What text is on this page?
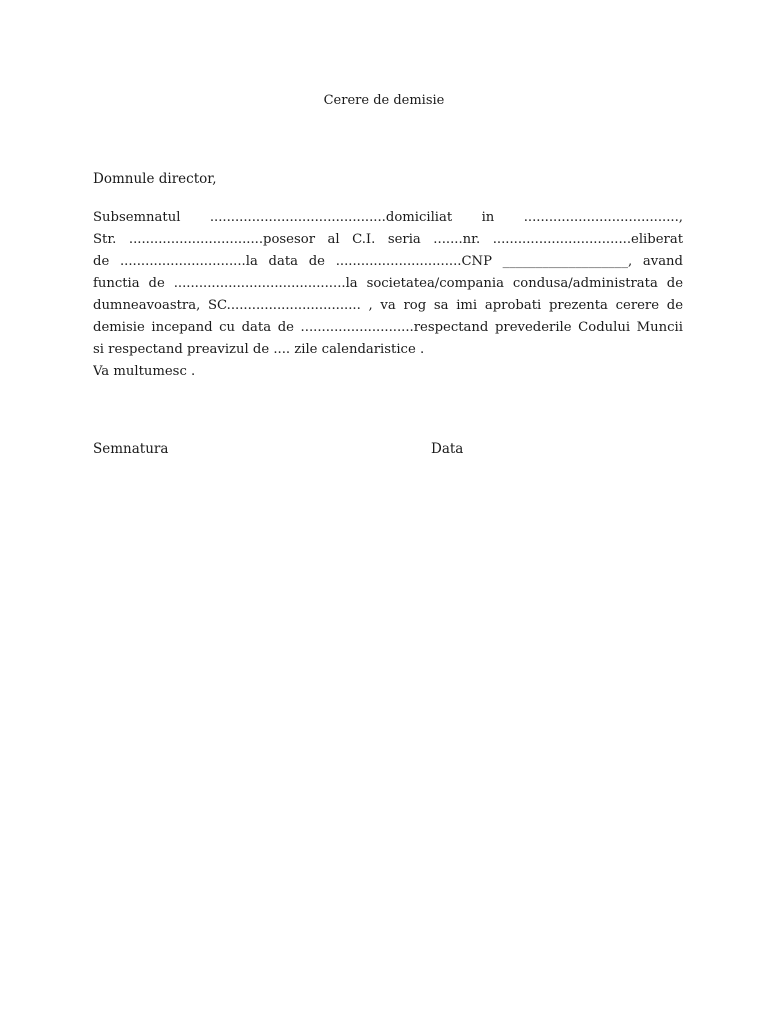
Cerere de demisie
Domnule director,
Subsemnatul ..........................................domiciliat in .....................................,
Str. ................................posesor al C.I. seria .......nr. .................................eliberat
de ..............................la data de ..............................CNP ___________________, avand
functia de .........................................la societatea/compania condusa/administrata de
dumneavoastra, SC................................ , va rog sa imi aprobati prezenta cerere de
demisie incepand cu data de ...........................respectand prevederile Codului Muncii
si respectand preavizul de .... zile calendaristice .
Va multumesc .
Semnatura	Data
